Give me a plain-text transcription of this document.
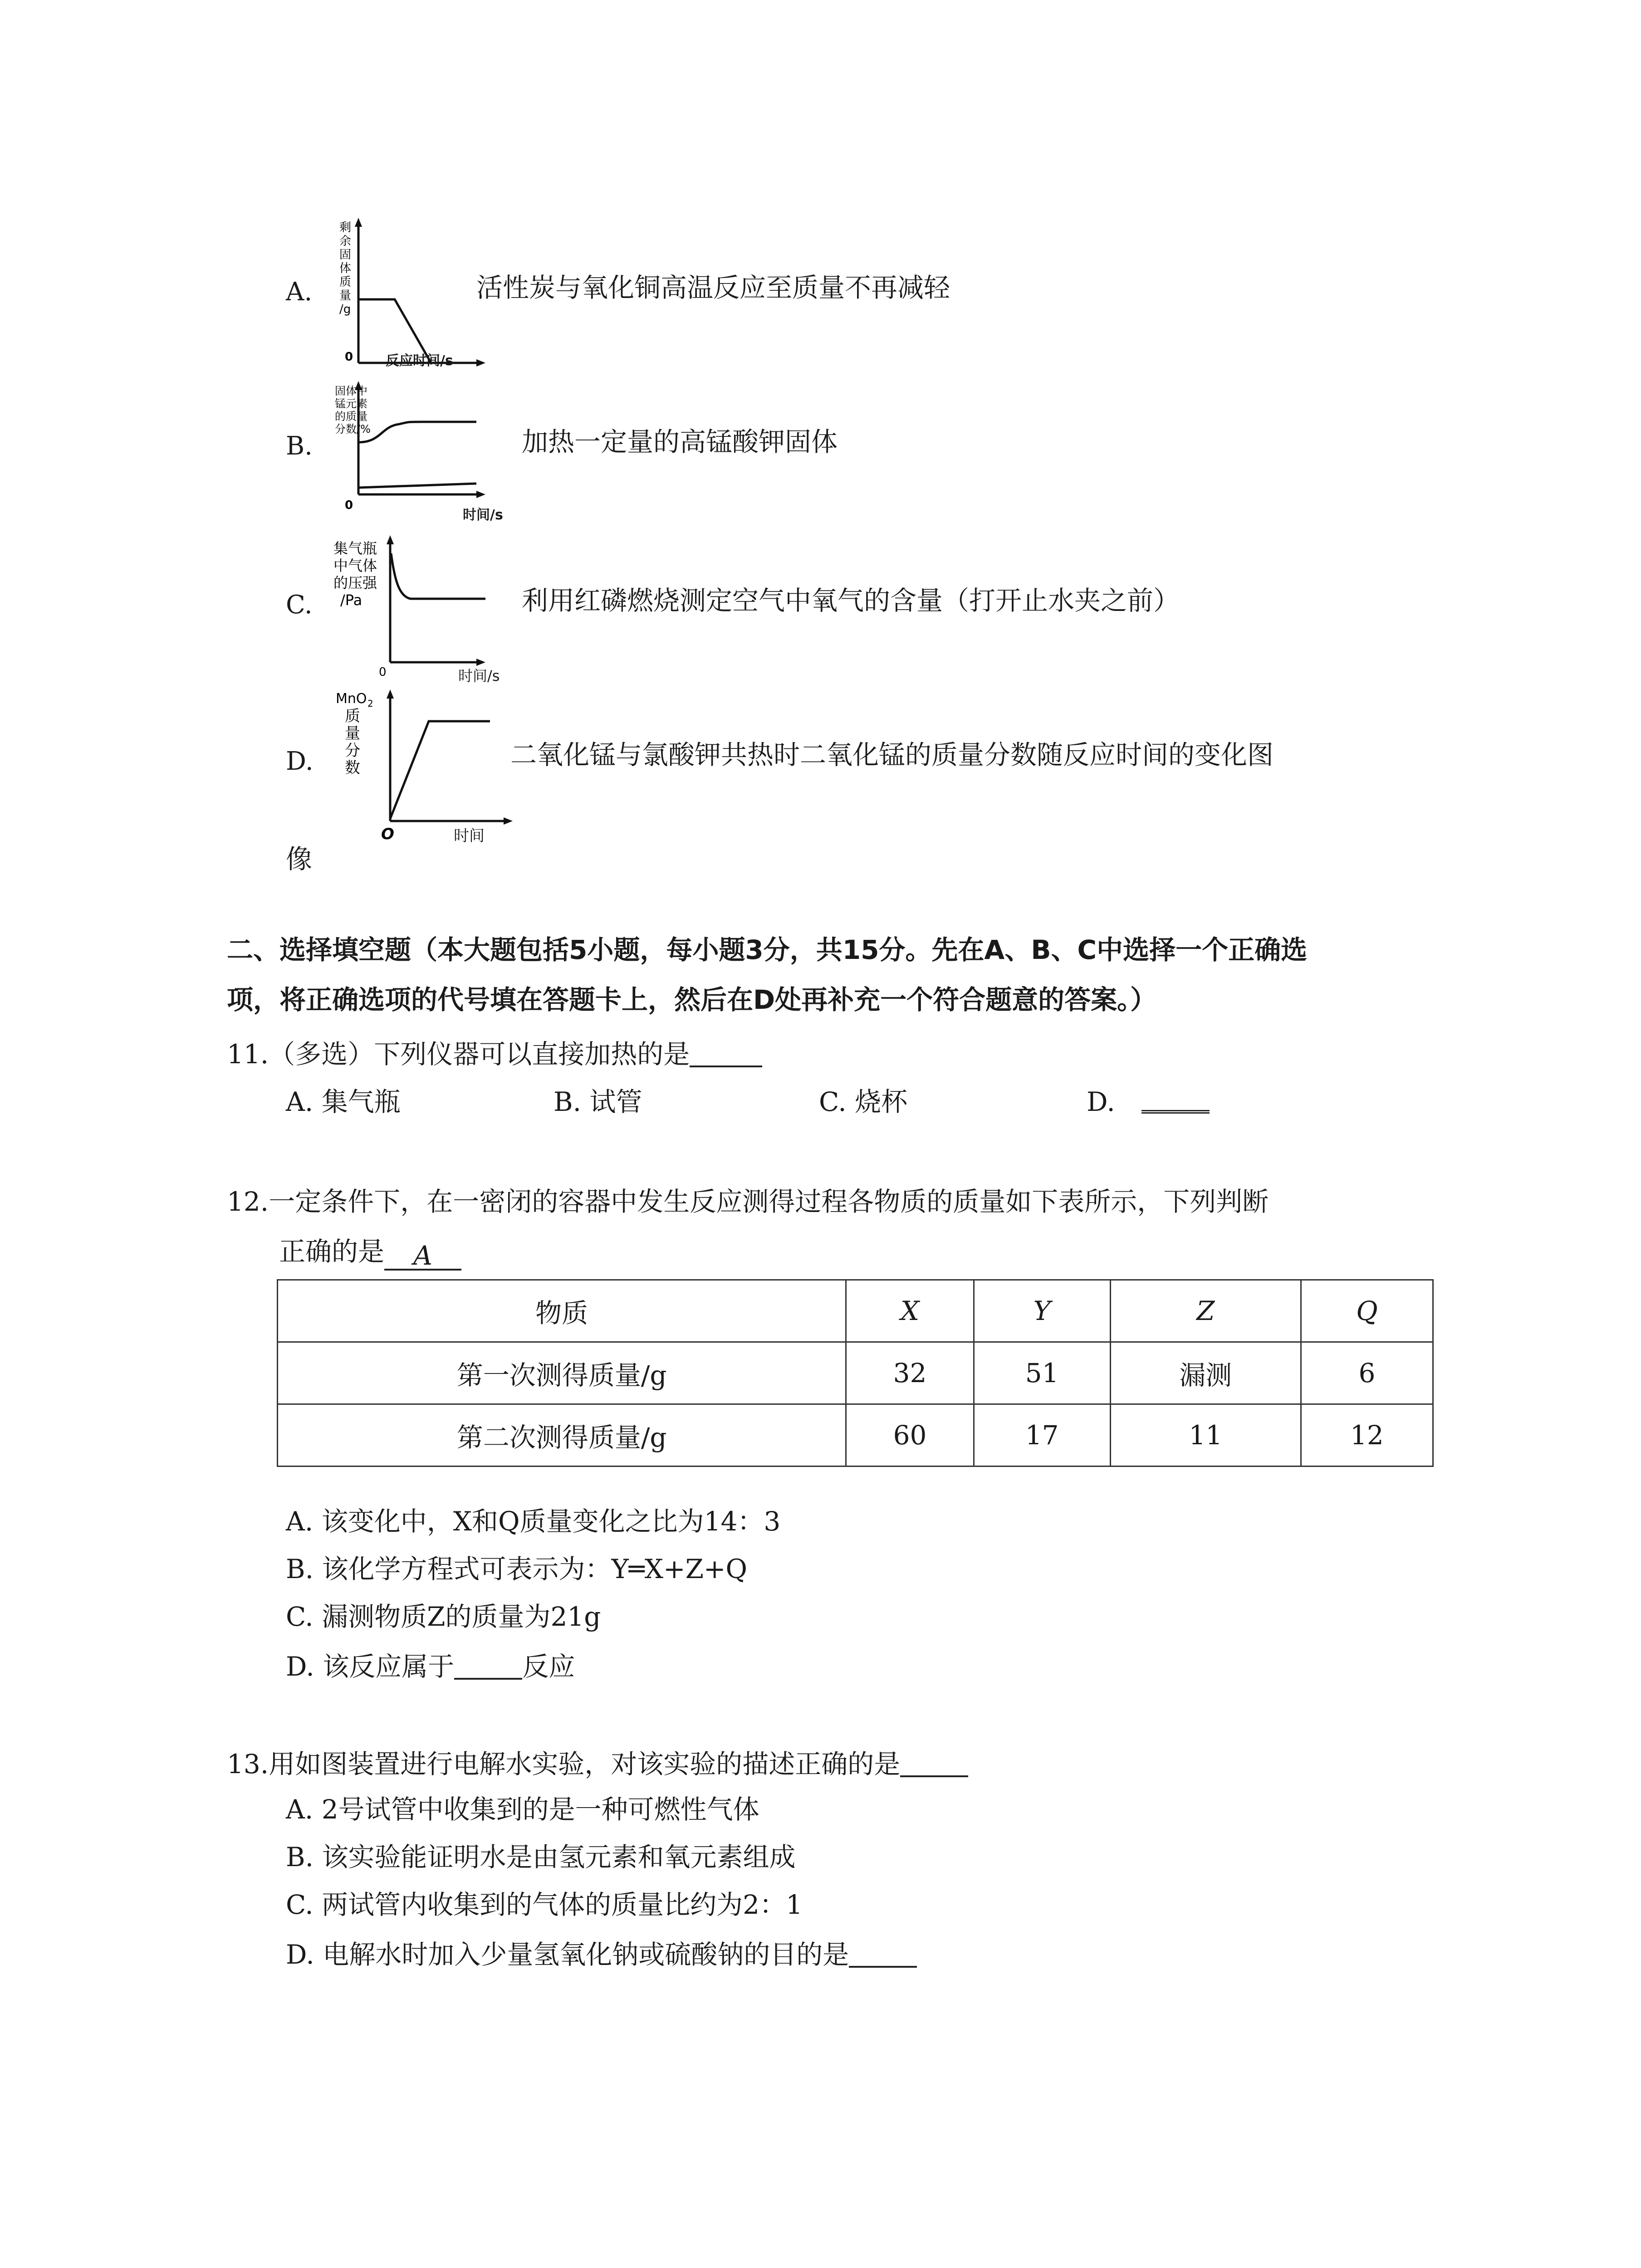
A.
剩
余
固
体
质
量
/g
0 反应时间/s
活性炭与氧化铜高温反应至质量不再减轻
B.
固体中
锰元素
的质量
分数/%
0
时间/s
加热一定量的高锰酸钾固体
C.
集气瓶
中气体
的压强
/Pa
0	时间/s
利用红磷燃烧测定空气中氧气的含量（打开止水夹之前）
D.
MnO 2
质
量
分
数
O	时间
二氧化锰与氯酸钾共热时二氧化锰的质量分数随反应时间的变化图
像
二、选择填空题（本大题包括5小题，每小题3分，共15分。先在A、B、C中选择一个正确选
项，将正确选项的代号填在答题卡上，然后在D处再补充一个符合题意的答案。）
11.（多选）下列仪器可以直接加热的是
A. 集气瓶	B. 试管	C. 烧杯	D.
12.一定条件下，在一密闭的容器中发生反应测得过程各物质的质量如下表所示，下列判断
正确的是 A
物质	X	Y	Z	Q
第一次测得质量/g	32	51	漏测	6
第二次测得质量/g	60	17	11	12
A. 该变化中，X和Q质量变化之比为14：3
B. 该化学方程式可表示为：Y═X+Z+Q
C. 漏测物质Z的质量为21g
D. 该反应属于	反应
13.用如图装置进行电解水实验，对该实验的描述正确的是
A. 2号试管中收集到的是一种可燃性气体
B. 该实验能证明水是由氢元素和氧元素组成
C. 两试管内收集到的气体的质量比约为2：1
D. 电解水时加入少量氢氧化钠或硫酸钠的目的是
